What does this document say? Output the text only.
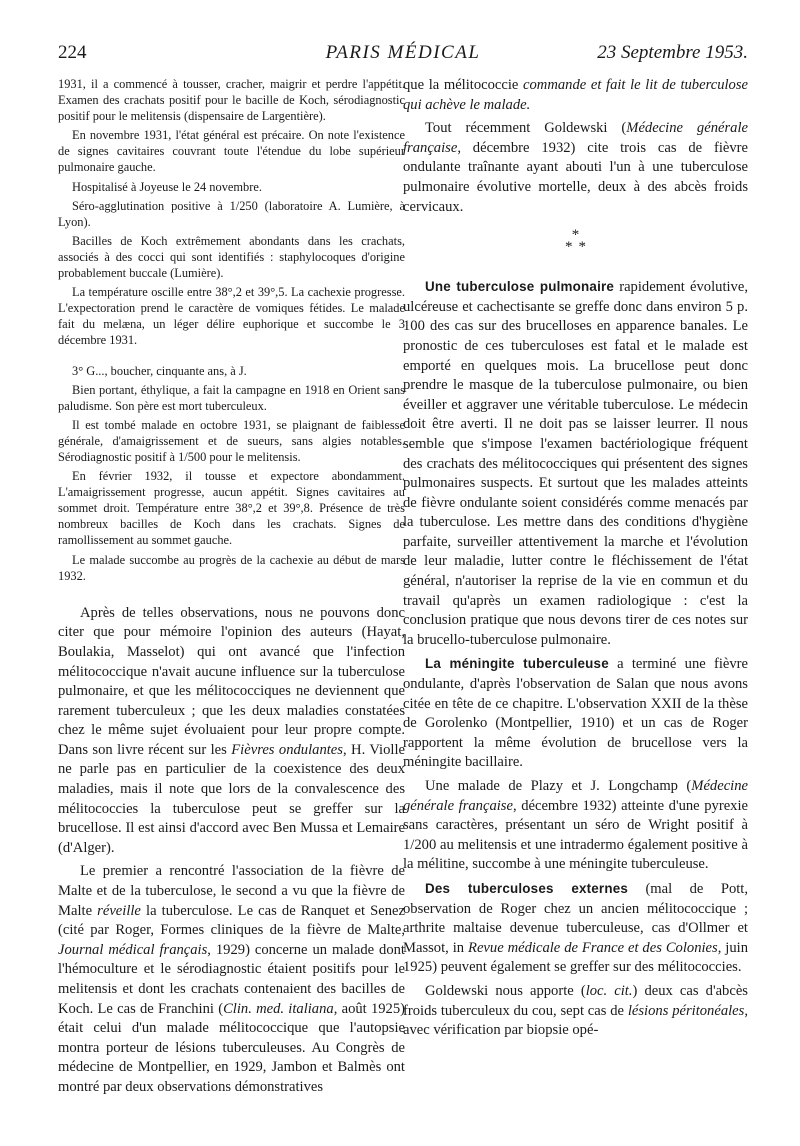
224	PARIS MÉDICAL	23 Septembre 1953.

1931, il a commencé à tousser, cracher, maigrir et perdre l'appétit. Examen des crachats positif pour le bacille de Koch, sérodiagnostic positif pour le melitensis (dispensaire de Largentière).

En novembre 1931, l'état général est précaire. On note l'existence de signes cavitaires couvrant toute l'étendue du lobe supérieur pulmonaire gauche.

Hospitalisé à Joyeuse le 24 novembre.

Séro-agglutination positive à 1/250 (laboratoire A. Lumière, à Lyon).

Bacilles de Koch extrêmement abondants dans les crachats, associés à des cocci qui sont identifiés : staphylocoques d'origine probablement buccale (Lumière).

La température oscille entre 38°,2 et 39°,5. La cachexie progresse. L'expectoration prend le caractère de vomiques fétides. Le malade fait du melæna, un léger délire euphorique et succombe le 3 décembre 1931.

3° G..., boucher, cinquante ans, à J.

Bien portant, éthylique, a fait la campagne en 1918 en Orient sans paludisme. Son père est mort tuberculeux.

Il est tombé malade en octobre 1931, se plaignant de faiblesse générale, d'amaigrissement et de sueurs, sans algies notables. Sérodiagnostic positif à 1/500 pour le melitensis.

En février 1932, il tousse et expectore abondamment. L'amaigrissement progresse, aucun appétit. Signes cavitaires au sommet droit. Température entre 38°,2 et 39°,8. Présence de très nombreux bacilles de Koch dans les crachats. Signes de ramollissement au sommet gauche.

Le malade succombe au progrès de la cachexie au début de mars 1932.

Après de telles observations, nous ne pouvons donc citer que pour mémoire l'opinion des auteurs (Hayat, Boulakia, Masselot) qui ont avancé que l'infection mélitococcique n'avait aucune influence sur la tuberculose pulmonaire, et que les mélitococciques ne deviennent que rarement tuberculeux ; que les deux maladies constatées chez le même sujet évoluaient pour leur propre compte. Dans son livre récent sur les Fièvres ondulantes, H. Violle ne parle pas en particulier de la coexistence des deux maladies, mais il note que lors de la convalescence des mélitococcies la tuberculose peut se greffer sur la brucellose. Il est ainsi d'accord avec Ben Mussa et Lemaire (d'Alger).

Le premier a rencontré l'association de la fièvre de Malte et de la tuberculose, le second a vu que la fièvre de Malte réveille la tuberculose. Le cas de Ranquet et Senez (cité par Roger, Formes cliniques de la fièvre de Malte, Journal médical français, 1929) concerne un malade dont l'hémoculture et le sérodiagnostic étaient positifs pour le melitensis et dont les crachats contenaient des bacilles de Koch. Le cas de Franchini (Clin. med. italiana, août 1925) était celui d'un malade mélitococcique que l'autopsie montra porteur de lésions tuberculeuses. Au Congrès de médecine de Montpellier, en 1929, Jambon et Balmès ont montré par deux observations démonstratives

que la mélitococcie commande et fait le lit de tuberculose qui achève le malade.

Tout récemment Goldewski (Médecine générale française, décembre 1932) cite trois cas de fièvre ondulante traînante ayant abouti l'un à une tuberculose pulmonaire évolutive mortelle, deux à des abcès froids cervicaux.

*
**

Une tuberculose pulmonaire rapidement évolutive, ulcéreuse et cachectisante se greffe donc dans environ 5 p. 100 des cas sur des brucelloses en apparence banales. Le pronostic de ces tuberculoses est fatal et le malade est emporté en quelques mois. La brucellose peut donc prendre le masque de la tuberculose pulmonaire, ou bien éveiller et aggraver une véritable tuberculose. Le médecin doit être averti. Il ne doit pas se laisser leurrer. Il nous semble que s'impose l'examen bactériologique fréquent des crachats des mélitococciques qui présentent des signes pulmonaires suspects. Et surtout que les malades atteints de fièvre ondulante soient considérés comme menacés par la tuberculose. Les mettre dans des conditions d'hygiène parfaite, surveiller attentivement la marche et l'évolution de leur maladie, lutter contre le fléchissement de l'état général, n'autoriser la reprise de la vie en commun et du travail qu'après un examen radiologique : c'est la conclusion pratique que nous devons tirer de ces notes sur la brucello-tuberculose pulmonaire.

La méningite tuberculeuse a terminé une fièvre ondulante, d'après l'observation de Salan que nous avons citée en tête de ce chapitre. L'observation XXII de la thèse de Gorolenko (Montpellier, 1910) et un cas de Roger rapportent la même évolution de brucellose vers la méningite bacillaire.

Une malade de Plazy et J. Longchamp (Médecine générale française, décembre 1932) atteinte d'une pyrexie sans caractères, présentant un séro de Wright positif à 1/200 au melitensis et une intradermo également positive à la mélitine, succombe à une méningite tuberculeuse.

Des tuberculoses externes (mal de Pott, observation de Roger chez un ancien mélitococcique ; arthrite maltaise devenue tuberculeuse, cas d'Ollmer et Massot, in Revue médicale de France et des Colonies, juin 1925) peuvent également se greffer sur des mélitococcies.

Goldewski nous apporte (loc. cit.) deux cas d'abcès froids tuberculeux du cou, sept cas de lésions péritonéales, avec vérification par biopsie opé-
